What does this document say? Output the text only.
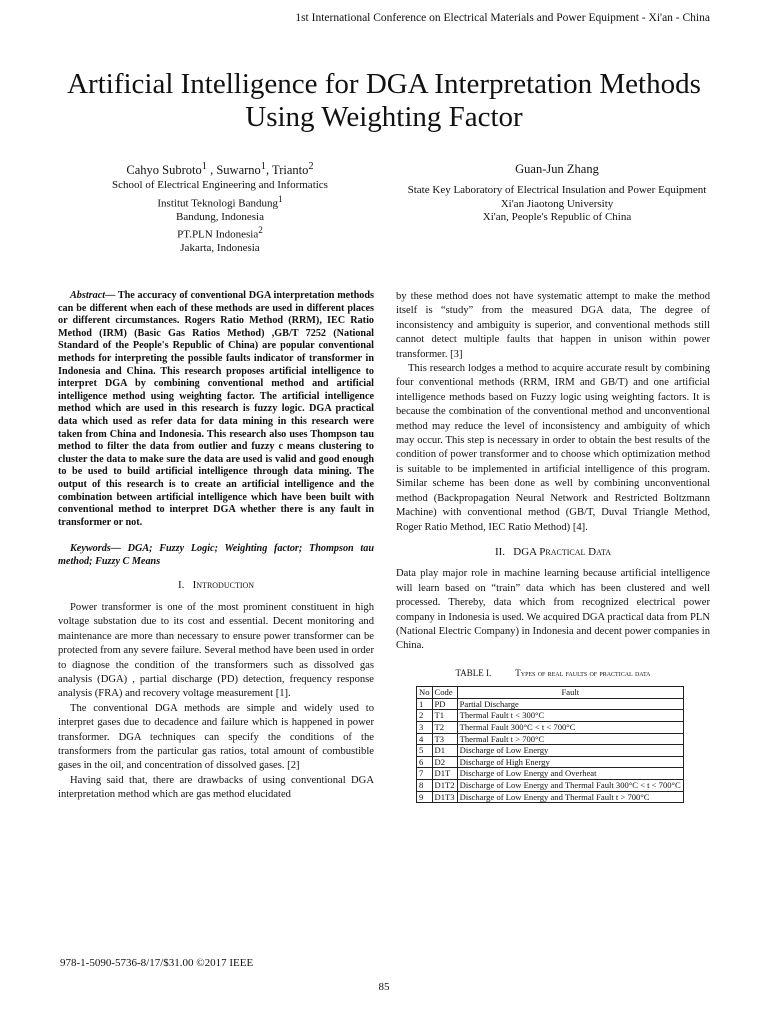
1st International Conference on Electrical Materials and Power Equipment - Xi'an - China
Artificial Intelligence for DGA Interpretation Methods Using Weighting Factor
Cahyo Subroto$^1$ , Suwarno$^1$, Trianto$^2$
School of Electrical Engineering and Informatics
Institut Teknologi Bandung$^1$
Bandung, Indonesia
PT.PLN Indonesia$^2$
Jakarta, Indonesia
Guan-Jun Zhang
State Key Laboratory of Electrical Insulation and Power Equipment
Xi'an Jiaotong University
Xi'an, People's Republic of China

Abstract— The accuracy of conventional DGA interpretation methods can be different when each of these methods are used in different places or different circumstances. Rogers Ratio Method (RRM), IEC Ratio Method (IRM) (Basic Gas Ratios Method) ,GB/T 7252 (National Standard of the People's Republic of China) are popular conventional methods for interpreting the possible faults indicator of transformer in Indonesia and China. This research proposes artificial intelligence to interpret DGA by combining conventional method and artificial intelligence method using weighting factor. The artificial intelligence method which are used in this research is fuzzy logic. DGA practical data which used as refer data for data mining in this research were taken from China and Indonesia. This research also uses Thompson tau method to filter the data from outlier and fuzzy c means clustering to cluster the data to make sure the data are used is valid and good enough to be used to build artificial intelligence through data mining. The output of this research is to create an artificial intelligence and the combination between artificial intelligence which have been built with conventional method to interpret DGA whether there is any fault in transformer or not.

Keywords— DGA; Fuzzy Logic; Weighting factor; Thompson tau method; Fuzzy C Means

I. Introduction

Power transformer is one of the most prominent constituent in high voltage substation due to its cost and essential. Decent monitoring and maintenance are more than necessary to ensure power transformer can be protected from any severe failure. Several method have been used in order to diagnose the condition of the transformers such as dissolved gas analysis (DGA) , partial discharge (PD) detection, frequency response analysis (FRA) and recovery voltage measurement [1].

The conventional DGA methods are simple and widely used to interpret gases due to decadence and failure which is happened in power transformer. DGA techniques can specify the conditions of the transformers from the particular gas ratios, total amount of combustible gases in the oil, and concentration of dissolved gases. [2]

Having said that, there are drawbacks of using conventional DGA interpretation method which are gas method elucidated

by these method does not have systematic attempt to make the method itself is “study” from the measured DGA data, The degree of inconsistency and ambiguity is superior, and conventional methods still cannot detect multiple faults that happen in unison within power transformer. [3]

This research lodges a method to acquire accurate result by combining four conventional methods (RRM, IRM and GB/T) and one artificial intelligence methods based on Fuzzy logic using weighting factors. It is because the combination of the conventional method and unconventional method may reduce the level of inconsistency and ambiguity of which may occur. This step is necessary in order to obtain the best results of the condition of power transformer and to choose which optimization method is suitable to be implemented in artificial intelligence of this program. Similar scheme has been done as well by combining unconventional method (Backpropagation Neural Network and Restricted Boltzmann Machine) with conventional method (GB/T, Duval Triangle Method, Roger Ratio Method, IEC Ratio Method) [4].

II. DGA Practical Data

Data play major role in machine learning because artificial intelligence will learn based on “train” data which has been clustered and well processed. Thereby, data which from recognized electrical power company in Indonesia is used. We acquired DGA practical data from PLN (National Electric Company) in Indonesia and decent power companies in China.

TABLE I.	Types of real faults of practical data

No	Code	Fault
1	PD	Partial Discharge
2	T1	Thermal Fault t < 300°C
3	T2	Thermal Fault 300°C < t < 700°C
4	T3	Thermal Fault t > 700°C
5	D1	Discharge of Low Energy
6	D2	Discharge of High Energy
7	D1T	Discharge of Low Energy and Overheat
8	D1T2	Discharge of Low Energy and Thermal Fault 300°C < t < 700°C
9	D1T3	Discharge of Low Energy and Thermal Fault t > 700°C
978-1-5090-5736-8/17/$31.00 ©2017 IEEE
85
